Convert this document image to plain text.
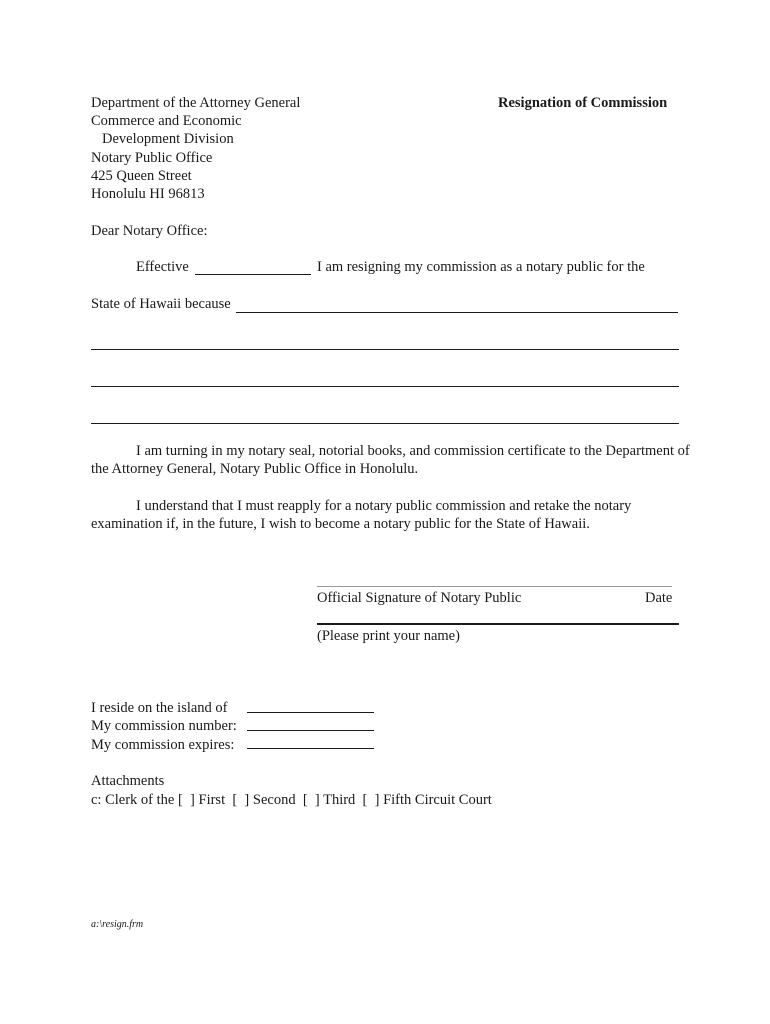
Department of the Attorney General
Commerce and Economic
Development Division
Notary Public Office
425 Queen Street
Honolulu HI 96813
Resignation of Commission
Dear Notary Office:
Effective	I am resigning my commission as a notary public for the
State of Hawaii because
I am turning in my notary seal, notorial books, and commission certificate to the Department of the Attorney General, Notary Public Office in Honolulu.
I understand that I must reapply for a notary public commission and retake the notary examination if, in the future, I wish to become a notary public for the State of Hawaii.
Official Signature of Notary Public	Date
(Please print your name)
I reside on the island of
My commission number:
My commission expires:
Attachments
c: Clerk of the [  ] First  [  ] Second  [  ] Third  [  ] Fifth Circuit Court
a:\resign.frm
